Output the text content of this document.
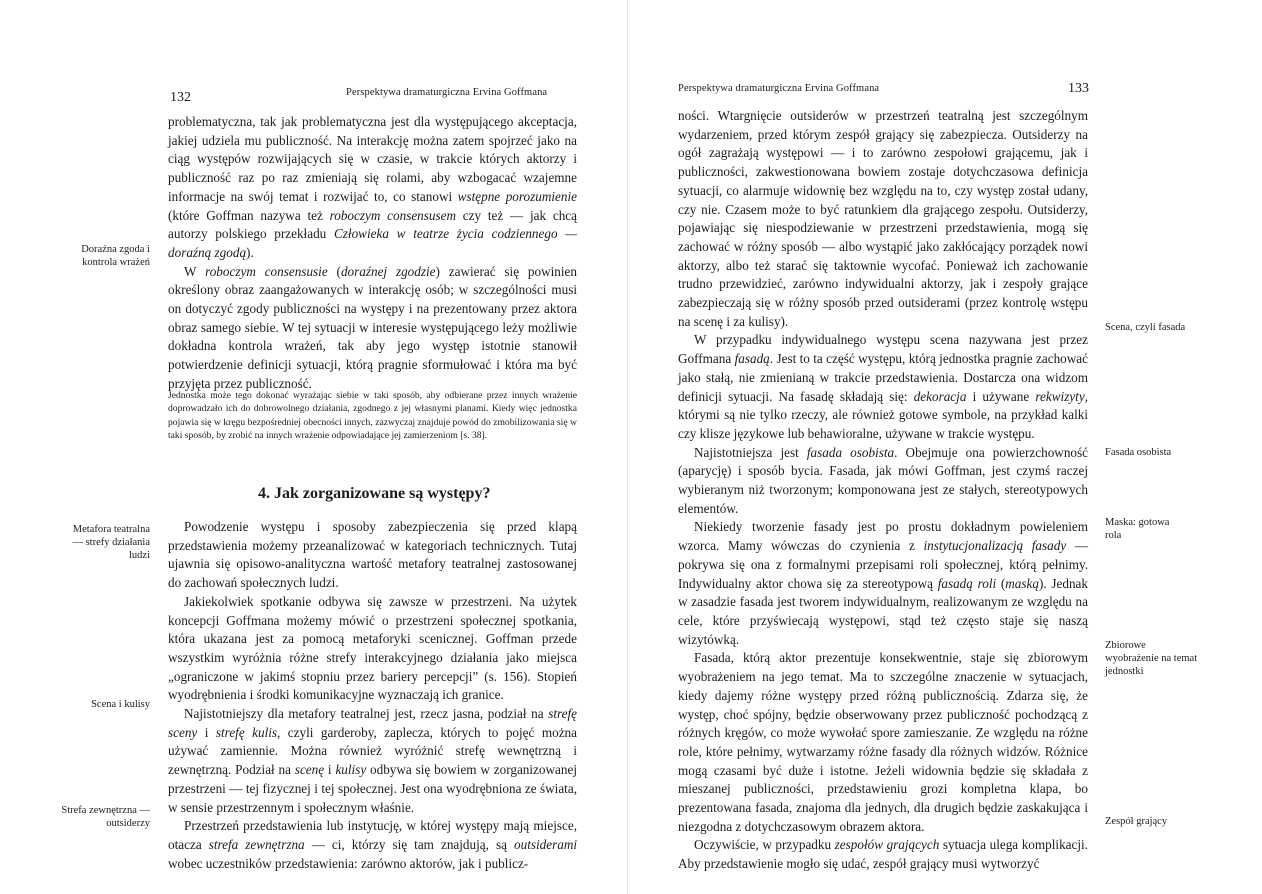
132	Perspektywa dramaturgiczna Ervina Goffmana

problematyczna, tak jak problematyczna jest dla występującego akceptacja, jakiej udziela mu publiczność. Na interakcję można zatem spojrzeć jako na ciąg występów rozwijających się w czasie, w trakcie których aktorzy i publiczność raz po raz zmieniają się rolami, aby wzbogacać wzajemne informacje na swój temat i rozwijać to, co stanowi wstępne porozumienie (które Goffman nazywa też roboczym consensusem czy też — jak chcą autorzy polskiego przekładu Człowieka w teatrze życia codziennego — doraźną zgodą).

W roboczym consensusie (doraźnej zgodzie) zawierać się powinien określony obraz zaangażowanych w interakcję osób; w szczególności musi on dotyczyć zgody publiczności na występy i na prezentowany przez aktora obraz samego siebie. W tej sytuacji w interesie występującego leży możliwie dokładna kontrola wrażeń, tak aby jego występ istotnie stanowił potwierdzenie definicji sytuacji, którą pragnie sformułować i która ma być przyjęta przez publiczność.

Jednostka może tego dokonać wyrażając siebie w taki sposób, aby odbierane przez innych wrażenie doprowadzało ich do dobrowolnego działania, zgodnego z jej własnymi planami. Kiedy więc jednostka pojawia się w kręgu bezpośredniej obecności innych, zazwyczaj znajduje powód do zmobilizowania się w taki sposób, by zrobić na innych wrażenie odpowiadające jej zamierzeniom [s. 38].
4. Jak zorganizowane są występy?

Powodzenie występu i sposoby zabezpieczenia się przed klapą przedstawienia możemy przeanalizować w kategoriach technicznych. Tutaj ujawnia się opisowo-analityczna wartość metafory teatralnej zastosowanej do zachowań społecznych ludzi.

Jakiekolwiek spotkanie odbywa się zawsze w przestrzeni. Na użytek koncepcji Goffmana możemy mówić o przestrzeni społecznej spotkania, która ukazana jest za pomocą metaforyki scenicznej. Goffman przede wszystkim wyróżnia różne strefy interakcyjnego działania jako miejsca „ograniczone w jakimś stopniu przez bariery percepcji” (s. 156). Stopień wyodrębnienia i środki komunikacyjne wyznaczają ich granice.

Najistotniejszy dla metafory teatralnej jest, rzecz jasna, podział na strefę sceny i strefę kulis, czyli garderoby, zaplecza, których to pojęć można używać zamiennie. Można również wyróżnić strefę wewnętrzną i zewnętrzną. Podział na scenę i kulisy odbywa się bowiem w zorganizowanej przestrzeni — tej fizycznej i tej społecznej. Jest ona wyodrębniona ze świata, w sensie przestrzennym i społecznym właśnie.

Przestrzeń przedstawienia lub instytucję, w której występy mają miejsce, otacza strefa zewnętrzna — ci, którzy się tam znajdują, są outsiderami wobec uczestników przedstawienia: zarówno aktorów, jak i publicz-

Doraźna zgoda i kontrola wrażeń
Metafora teatralna — strefy działania ludzi
Scena i kulisy
Strefa zewnętrzna — outsiderzy
Perspektywa dramaturgiczna Ervina Goffmana	133

ności. Wtargnięcie outsiderów w przestrzeń teatralną jest szczególnym wydarzeniem, przed którym zespół grający się zabezpiecza. Outsiderzy na ogół zagrażają występowi — i to zarówno zespołowi grającemu, jak i publiczności, zakwestionowana bowiem zostaje dotychczasowa definicja sytuacji, co alarmuje widownię bez względu na to, czy występ został udany, czy nie. Czasem może to być ratunkiem dla grającego zespołu. Outsiderzy, pojawiając się niespodziewanie w przestrzeni przedstawienia, mogą się zachować w różny sposób — albo wystąpić jako zakłócający porządek nowi aktorzy, albo też starać się taktownie wycofać. Ponieważ ich zachowanie trudno przewidzieć, zarówno indywidualni aktorzy, jak i zespoły grające zabezpieczają się w różny sposób przed outsiderami (przez kontrolę wstępu na scenę i za kulisy).

W przypadku indywidualnego występu scena nazywana jest przez Goffmana fasadą. Jest to ta część występu, którą jednostka pragnie zachować jako stałą, nie zmienianą w trakcie przedstawienia. Dostarcza ona widzom definicji sytuacji. Na fasadę składają się: dekoracja i używane rekwizyty, którymi są nie tylko rzeczy, ale również gotowe symbole, na przykład kalki czy klisze językowe lub behawioralne, używane w trakcie występu.

Najistotniejsza jest fasada osobista. Obejmuje ona powierzchowność (aparycję) i sposób bycia. Fasada, jak mówi Goffman, jest czymś raczej wybieranym niż tworzonym; komponowana jest ze stałych, stereotypowych elementów.

Niekiedy tworzenie fasady jest po prostu dokładnym powieleniem wzorca. Mamy wówczas do czynienia z instytucjonalizacją fasady — pokrywa się ona z formalnymi przepisami roli społecznej, którą pełnimy. Indywidualny aktor chowa się za stereotypową fasadą roli (maską). Jednak w zasadzie fasada jest tworem indywidualnym, realizowanym ze względu na cele, które przyświecają występowi, stąd też często staje się naszą wizytówką.

Fasada, którą aktor prezentuje konsekwentnie, staje się zbiorowym wyobrażeniem na jego temat. Ma to szczególne znaczenie w sytuacjach, kiedy dajemy różne występy przed różną publicznością. Zdarza się, że występ, choć spójny, będzie obserwowany przez publiczność pochodzącą z różnych kręgów, co może wywołać spore zamieszanie. Ze względu na różne role, które pełnimy, wytwarzamy różne fasady dla różnych widzów. Różnice mogą czasami być duże i istotne. Jeżeli widownia będzie się składała z mieszanej publiczności, przedstawieniu grozi kompletna klapa, bo prezentowana fasada, znajoma dla jednych, dla drugich będzie zaskakująca i niezgodna z dotychczasowym obrazem aktora.

Oczywiście, w przypadku zespołów grających sytuacja ulega komplikacji. Aby przedstawienie mogło się udać, zespół grający musi wytworzyć

Scena, czyli fasada
Fasada osobista
Maska: gotowa rola
Zbiorowe wyobrażenie na temat jednostki
Zespół grający
